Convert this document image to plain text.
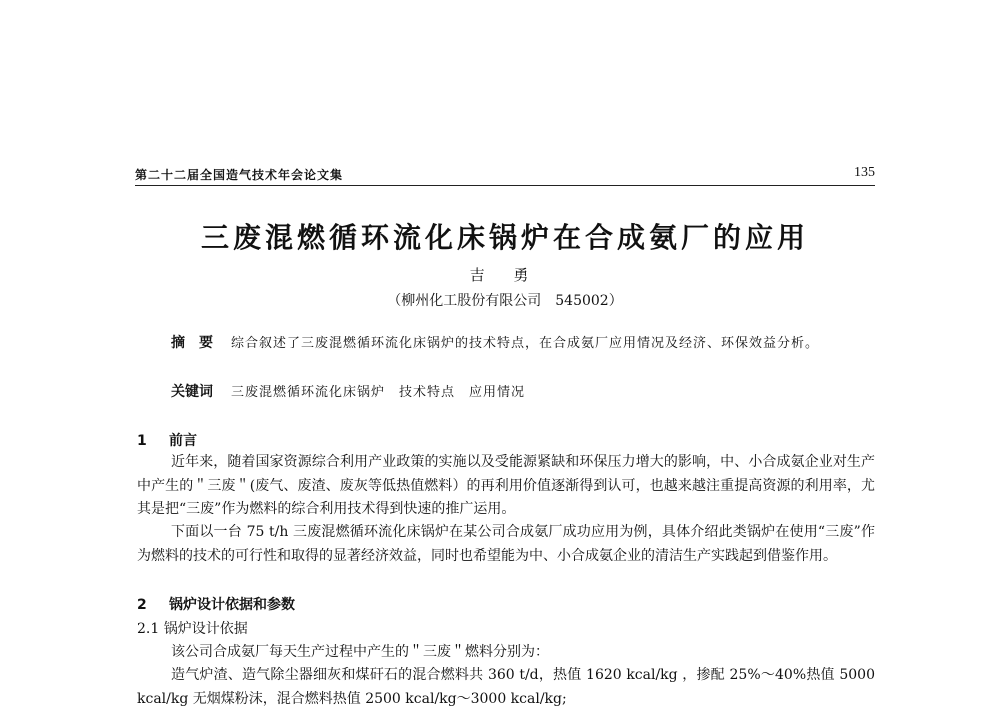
第二十二届全国造气技术年会论文集	135
三废混燃循环流化床锅炉在合成氨厂的应用
吉 勇
（柳州化工股份有限公司　545002）
摘　要 综合叙述了三废混燃循环流化床锅炉的技术特点，在合成氨厂应用情况及经济、环保效益分析。
关键词 三废混燃循环流化床锅炉　技术特点　应用情况
1 前言
近年来，随着国家资源综合利用产业政策的实施以及受能源紧缺和环保压力增大的影响，中、小合成氨企业对生产中产生的＂三废＂(废气、废渣、废灰等低热值燃料）的再利用价值逐渐得到认可，也越来越注重提高资源的利用率，尤其是把“三废”作为燃料的综合利用技术得到快速的推广运用。
下面以一台 75 t/h 三废混燃循环流化床锅炉在某公司合成氨厂成功应用为例，具体介绍此类锅炉在使用“三废”作为燃料的技术的可行性和取得的显著经济效益，同时也希望能为中、小合成氨企业的清洁生产实践起到借鉴作用。
2 锅炉设计依据和参数
2.1 锅炉设计依据
该公司合成氨厂每天生产过程中产生的＂三废＂燃料分别为：
造气炉渣、造气除尘器细灰和煤矸石的混合燃料共 360 t/d，热值 1620 kcal/kg ，掺配 25%～40%热值 5000 kcal/kg 无烟煤粉沫，混合燃料热值 2500 kcal/kg～3000 kcal/kg;
